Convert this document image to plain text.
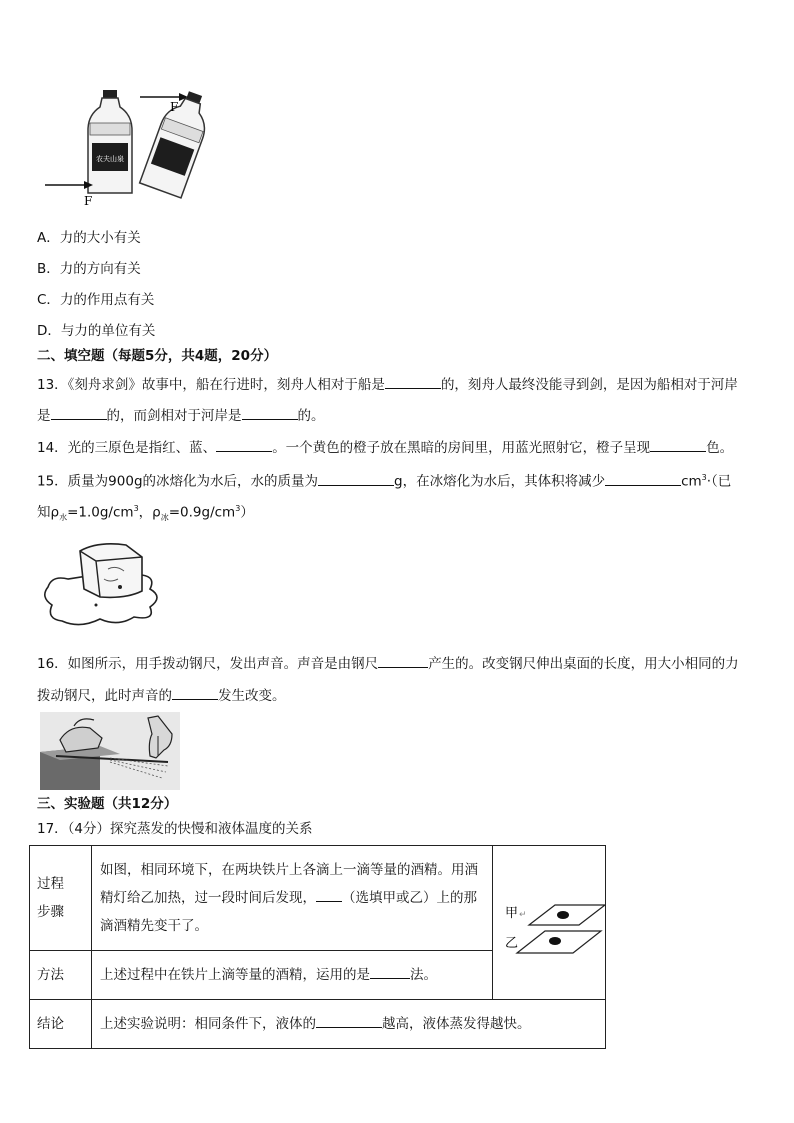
农夫山泉
F
F
A．力的大小有关
B．力的方向有关
C．力的作用点有关
D．与力的单位有关
二、填空题（每题5分，共4题，20分）
13．《刻舟求剑》故事中，船在行进时，刻舟人相对于船是	的，刻舟人最终没能寻到剑，是因为船相对于河岸
是	的，而剑相对于河岸是	的。
14．光的三原色是指红、蓝、	。一个黄色的橙子放在黑暗的房间里，用蓝光照射它，橙子呈现	色。
15．质量为900g的冰熔化为水后，水的质量为	g，在冰熔化为水后，其体积将减少	$cm^3\cdot$（已
知$\rho_水=1.0g/cm^3$，$\rho_冰=0.9g/cm^3$）
16．如图所示，用手拨动钢尺，发出声音。声音是由钢尺	产生的。改变钢尺伸出桌面的长度，用大小相同的力
拨动钢尺，此时声音的	发生改变。
三、实验题（共12分）
17．（4分）探究蒸发的快慢和液体温度的关系
过程步骤	如图，相同环境下，在两块铁片上各滴上一滴等量的酒精。用酒精灯给乙加热，过一段时间后发现， （选填甲或乙）上的那滴酒精先变干了。	甲 ↵
乙

方法	上述过程中在铁片上滴等量的酒精，运用的是 法。	
结论	上述实验说明：相同条件下，液体的 越高，液体蒸发得越快。	
